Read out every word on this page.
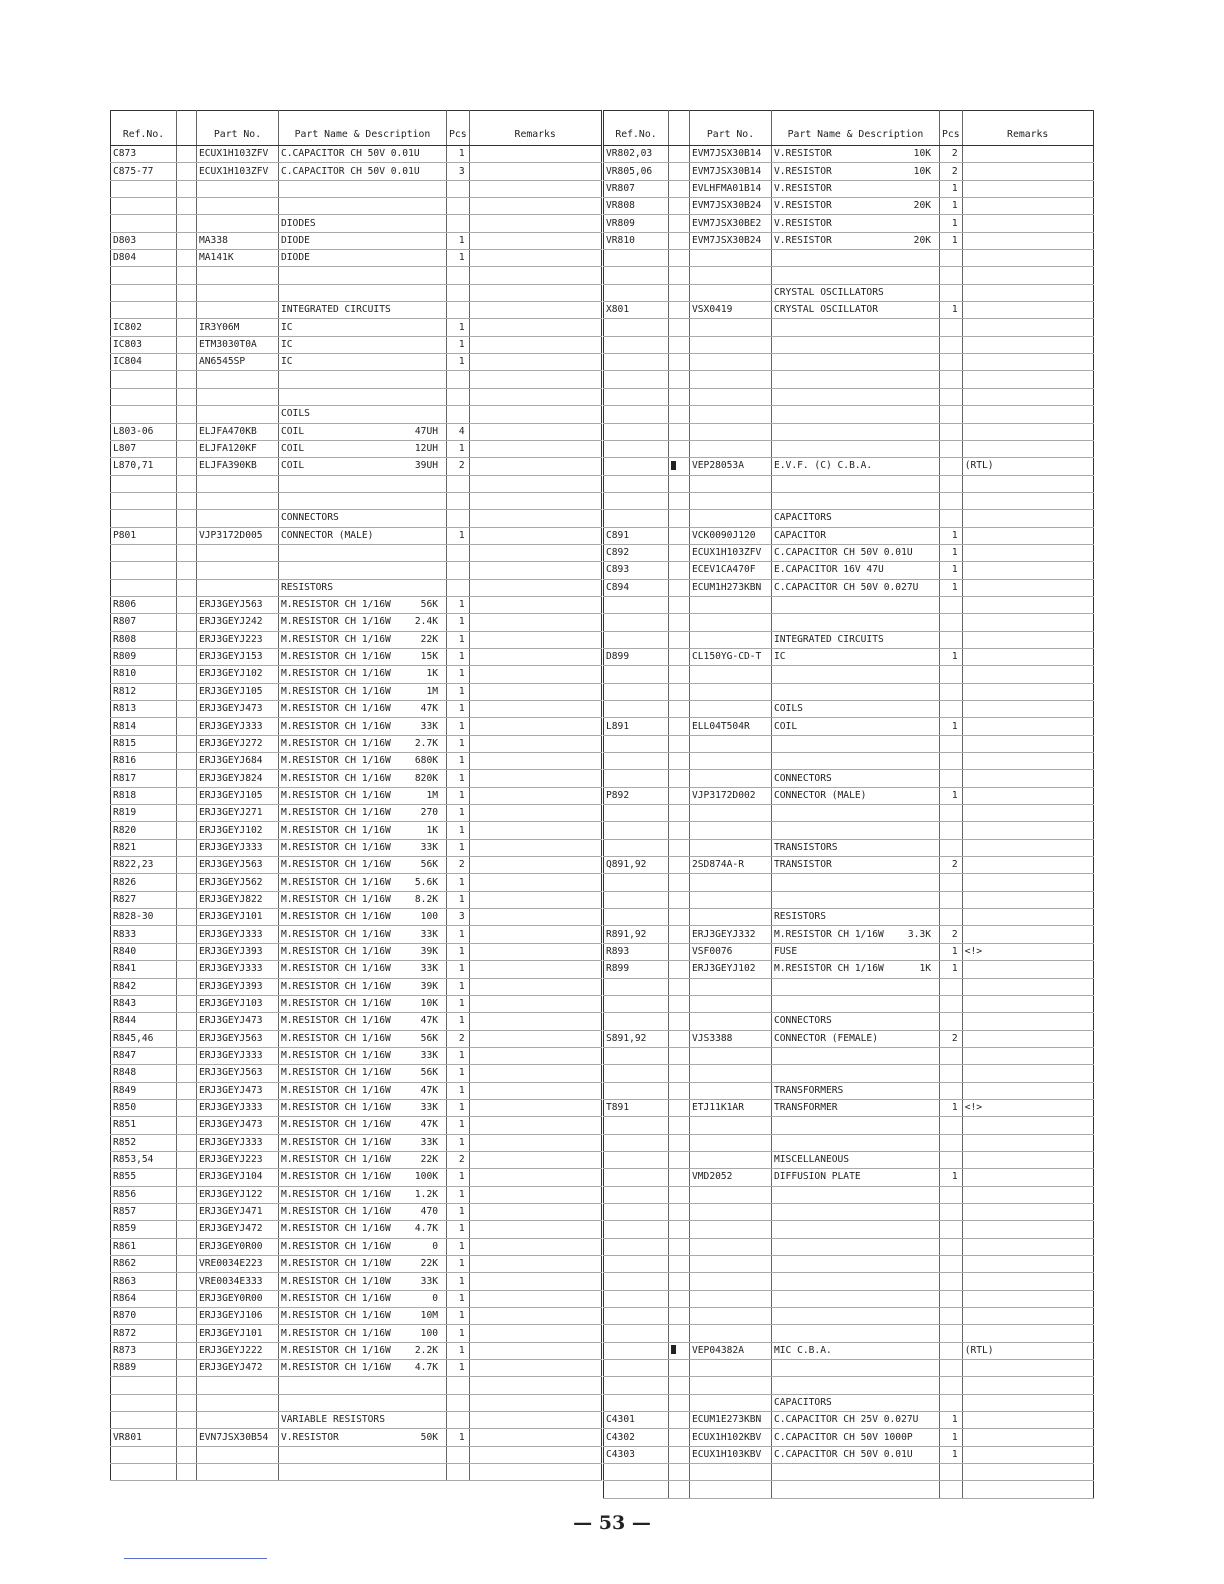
Ref.No.		Part No.	Part Name & Description	Pcs	Remarks
C873		ECUX1H103ZFV	C.CAPACITOR CH 50V 0.01U	1	
C875-77		ECUX1H103ZFV	C.CAPACITOR CH 50V 0.01U	3	

			DIODES		

D803		MA338	DIODE	1	
D804		MA141K	DIODE	1	

			INTEGRATED CIRCUITS		

IC802		IR3Y06M	IC	1	
IC803		ETM3030T0A	IC	1	
IC804		AN6545SP	IC	1	

			COILS		

L803-06		ELJFA470KB	COIL 47UH	4	
L807		ELJFA120KF	COIL 12UH	1	
L870,71		ELJFA390KB	COIL 39UH	2	

			CONNECTORS		

P801		VJP3172D005	CONNECTOR (MALE)	1	

			RESISTORS		

R806		ERJ3GEYJ563	M.RESISTOR CH 1/16W 56K	1	
R807		ERJ3GEYJ242	M.RESISTOR CH 1/16W 2.4K	1	
R808		ERJ3GEYJ223	M.RESISTOR CH 1/16W 22K	1	
R809		ERJ3GEYJ153	M.RESISTOR CH 1/16W 15K	1	
R810		ERJ3GEYJ102	M.RESISTOR CH 1/16W 1K	1	
R812		ERJ3GEYJ105	M.RESISTOR CH 1/16W 1M	1	
R813		ERJ3GEYJ473	M.RESISTOR CH 1/16W 47K	1	
R814		ERJ3GEYJ333	M.RESISTOR CH 1/16W 33K	1	
R815		ERJ3GEYJ272	M.RESISTOR CH 1/16W 2.7K	1	
R816		ERJ3GEYJ684	M.RESISTOR CH 1/16W 680K	1	
R817		ERJ3GEYJ824	M.RESISTOR CH 1/16W 820K	1	
R818		ERJ3GEYJ105	M.RESISTOR CH 1/16W 1M	1	
R819		ERJ3GEYJ271	M.RESISTOR CH 1/16W 270	1	
R820		ERJ3GEYJ102	M.RESISTOR CH 1/16W 1K	1	
R821		ERJ3GEYJ333	M.RESISTOR CH 1/16W 33K	1	
R822,23		ERJ3GEYJ563	M.RESISTOR CH 1/16W 56K	2	
R826		ERJ3GEYJ562	M.RESISTOR CH 1/16W 5.6K	1	
R827		ERJ3GEYJ822	M.RESISTOR CH 1/16W 8.2K	1	
R828-30		ERJ3GEYJ101	M.RESISTOR CH 1/16W 100	3	
R833		ERJ3GEYJ333	M.RESISTOR CH 1/16W 33K	1	
R840		ERJ3GEYJ393	M.RESISTOR CH 1/16W 39K	1	
R841		ERJ3GEYJ333	M.RESISTOR CH 1/16W 33K	1	
R842		ERJ3GEYJ393	M.RESISTOR CH 1/16W 39K	1	
R843		ERJ3GEYJ103	M.RESISTOR CH 1/16W 10K	1	
R844		ERJ3GEYJ473	M.RESISTOR CH 1/16W 47K	1	
R845,46		ERJ3GEYJ563	M.RESISTOR CH 1/16W 56K	2	
R847		ERJ3GEYJ333	M.RESISTOR CH 1/16W 33K	1	
R848		ERJ3GEYJ563	M.RESISTOR CH 1/16W 56K	1	
R849		ERJ3GEYJ473	M.RESISTOR CH 1/16W 47K	1	
R850		ERJ3GEYJ333	M.RESISTOR CH 1/16W 33K	1	
R851		ERJ3GEYJ473	M.RESISTOR CH 1/16W 47K	1	
R852		ERJ3GEYJ333	M.RESISTOR CH 1/16W 33K	1	
R853,54		ERJ3GEYJ223	M.RESISTOR CH 1/16W 22K	2	
R855		ERJ3GEYJ104	M.RESISTOR CH 1/16W 100K	1	
R856		ERJ3GEYJ122	M.RESISTOR CH 1/16W 1.2K	1	
R857		ERJ3GEYJ471	M.RESISTOR CH 1/16W 470	1	
R859		ERJ3GEYJ472	M.RESISTOR CH 1/16W 4.7K	1	
R861		ERJ3GEY0R00	M.RESISTOR CH 1/16W 0	1	
R862		VRE0034E223	M.RESISTOR CH 1/10W 22K	1	
R863		VRE0034E333	M.RESISTOR CH 1/10W 33K	1	
R864		ERJ3GEY0R00	M.RESISTOR CH 1/16W 0	1	
R870		ERJ3GEYJ106	M.RESISTOR CH 1/16W 10M	1	
R872		ERJ3GEYJ101	M.RESISTOR CH 1/16W 100	1	
R873		ERJ3GEYJ222	M.RESISTOR CH 1/16W 2.2K	1	
R889		ERJ3GEYJ472	M.RESISTOR CH 1/16W 4.7K	1	

			VARIABLE RESISTORS		

VR801		EVN7JSX30B54	V.RESISTOR 50K	1	

Ref.No.		Part No.	Part Name & Description	Pcs	Remarks
VR802,03		EVM7JSX30B14	V.RESISTOR 10K	2	
VR805,06		EVM7JSX30B14	V.RESISTOR 10K	2	
VR807		EVLHFMA01B14	V.RESISTOR	1	
VR808		EVM7JSX30B24	V.RESISTOR 20K	1	
VR809		EVM7JSX30BE2	V.RESISTOR	1	
VR810		EVM7JSX30B24	V.RESISTOR 20K	1	

			CRYSTAL OSCILLATORS		

X801		VSX0419	CRYSTAL OSCILLATOR	1	

		VEP28053A	E.V.F. (C) C.B.A.		(RTL)

			CAPACITORS		

C891		VCK0090J120	CAPACITOR	1	
C892		ECUX1H103ZFV	C.CAPACITOR CH 50V 0.01U	1	
C893		ECEV1CA470F	E.CAPACITOR 16V 47U	1	
C894		ECUM1H273KBN	C.CAPACITOR CH 50V 0.027U	1	

			INTEGRATED CIRCUITS		

D899		CL150YG-CD-T	IC	1	

			COILS		

L891		ELL04T504R	COIL	1	

			CONNECTORS		

P892		VJP3172D002	CONNECTOR (MALE)	1	

			TRANSISTORS		

Q891,92		2SD874A-R	TRANSISTOR	2	

			RESISTORS		

R891,92		ERJ3GEYJ332	M.RESISTOR CH 1/16W 3.3K	2	
R893		VSF0076	FUSE	1	<!>
R899		ERJ3GEYJ102	M.RESISTOR CH 1/16W 1K	1	

			CONNECTORS		

S891,92		VJS3388	CONNECTOR (FEMALE)	2	

			TRANSFORMERS		

T891		ETJ11K1AR	TRANSFORMER	1	<!>

			MISCELLANEOUS		

		VMD2052	DIFFUSION PLATE	1	

		VEP04382A	MIC C.B.A.		(RTL)

			CAPACITORS		

C4301		ECUM1E273KBN	C.CAPACITOR CH 25V 0.027U	1	
C4302		ECUX1H102KBV	C.CAPACITOR CH 50V 1000P	1	
C4303		ECUX1H103KBV	C.CAPACITOR CH 50V 0.01U	1	

— 53 —
